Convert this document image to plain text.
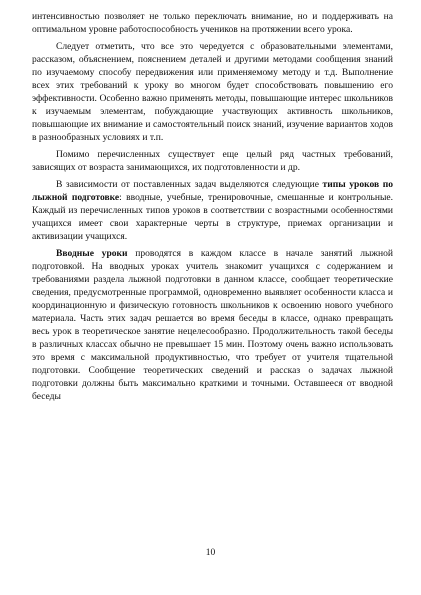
интенсивностью позволяет не только переключать внимание, но и поддерживать на оптимальном уровне работоспособность учеников на протяжении всего урока.

Следует отметить, что все это чередуется с образовательными элементами, рассказом, объяснением, пояснением деталей и другими методами сообщения знаний по изучаемому способу передвижения или применяемому методу и т.д. Выполнение всех этих требований к уроку во многом будет способствовать повышению его эффективности. Особенно важно применять методы, повышающие интерес школьников к изучаемым элементам, побуждающие участвующих активность школьников, повышающие их внимание и самостоятельный поиск знаний, изучение вариантов ходов в разнообразных условиях и т.п.

Помимо перечисленных существует еще целый ряд частных требований, зависящих от возраста занимающихся, их подготовленности и др.

В зависимости от поставленных задач выделяются следующие типы уроков по лыжной подготовке: вводные, учебные, тренировочные, смешанные и контрольные. Каждый из перечисленных типов уроков в соответствии с возрастными особенностями учащихся имеет свои характерные черты в структуре, приемах организации и активизации учащихся.

Вводные уроки проводятся в каждом классе в начале занятий лыжной подготовкой. На вводных уроках учитель знакомит учащихся с содержанием и требованиями раздела лыжной подготовки в данном классе, сообщает теоретические сведения, предусмотренные программой, одновременно выявляет особенности класса и координационную и физическую готовность школьников к освоению нового учебного материала. Часть этих задач решается во время беседы в классе, однако превращать весь урок в теоретическое занятие нецелесообразно. Продолжительность такой беседы в различных классах обычно не превышает 15 мин. Поэтому очень важно использовать это время с максимальной продуктивностью, что требует от учителя тщательной подготовки. Сообщение теоретических сведений и рассказ о задачах лыжной подготовки должны быть максимально краткими и точными. Оставшееся от вводной беседы

10
